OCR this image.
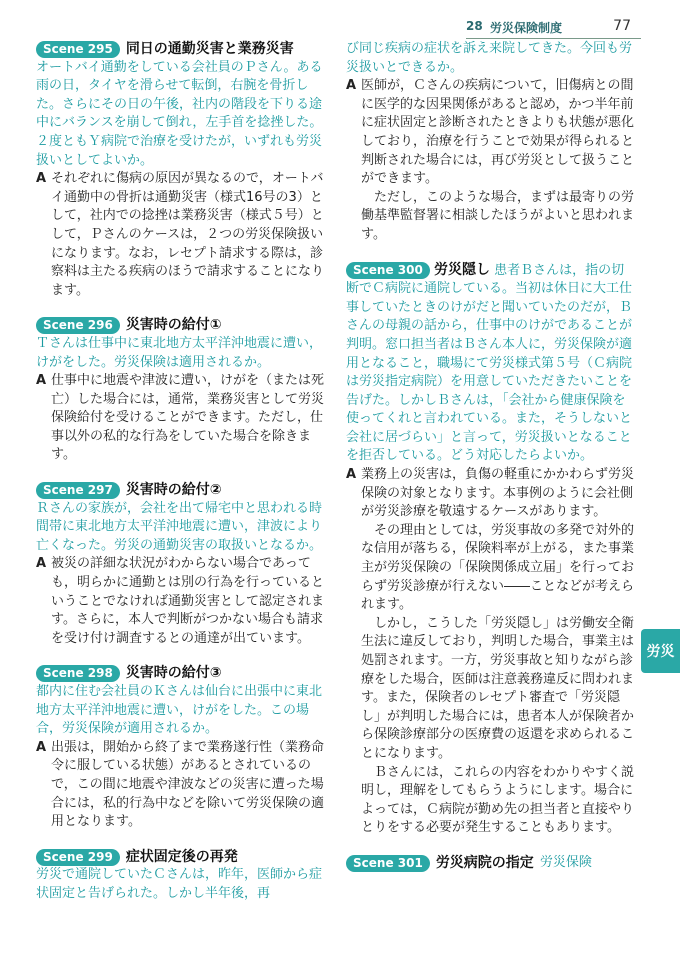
28 労災保険制度	77
Scene 295 同日の通勤災害と業務災害

オートバイ通勤をしている会社員のＰさん。ある雨の日，タイヤを滑らせて転倒，右腕を骨折した。さらにその日の午後，社内の階段を下りる途中にバランスを崩して倒れ，左手首を捻挫した。２度ともＹ病院で治療を受けたが，いずれも労災扱いとしてよいか。

A それぞれに傷病の原因が異なるので，オートバイ通勤中の骨折は通勤災害（様式16号の3）として，社内での捻挫は業務災害（様式５号）として，Ｐさんのケースは，２つの労災保険扱いになります。なお，レセプト請求する際は，診察料は主たる疾病のほうで請求することになります。
Scene 296 災害時の給付①

Ｔさんは仕事中に東北地方太平洋沖地震に遭い，けがをした。労災保険は適用されるか。

A 仕事中に地震や津波に遭い，けがを（または死亡）した場合には，通常，業務災害として労災保険給付を受けることができます。ただし，仕事以外の私的な行為をしていた場合を除きます。
Scene 297 災害時の給付②

Ｒさんの家族が，会社を出て帰宅中と思われる時間帯に東北地方太平洋沖地震に遭い，津波により亡くなった。労災の通勤災害の取扱いとなるか。

A 被災の詳細な状況がわからない場合であっても，明らかに通勤とは別の行為を行っているということでなければ通勤災害として認定されます。さらに，本人で判断がつかない場合も請求を受け付け調査するとの通達が出ています。
Scene 298 災害時の給付③

都内に住む会社員のＫさんは仙台に出張中に東北地方太平洋沖地震に遭い，けがをした。この場合，労災保険が適用されるか。

A 出張は，開始から終了まで業務遂行性（業務命令に服している状態）があるとされているので，この間に地震や津波などの災害に遭った場合には，私的行為中などを除いて労災保険の適用となります。
Scene 299 症状固定後の再発

労災で通院していたＣさんは，昨年，医師から症状固定と告げられた。しかし半年後，再

び同じ疾病の症状を訴え来院してきた。今回も労災扱いとできるか。

A 医師が，Ｃさんの疾病について，旧傷病との間に医学的な因果関係があると認め，かつ半年前に症状固定と診断されたときよりも状態が悪化しており，治療を行うことで効果が得られると判断された場合には，再び労災として扱うことができます。

ただし，このような場合，まずは最寄りの労働基準監督署に相談したほうがよいと思われます。
Scene 300 労災隠し 患者Ｂさんは，指の切断でＣ病院に通院している。当初は休日に大工仕事していたときのけがだと聞いていたのだが，Ｂさんの母親の話から，仕事中のけがであることが判明。窓口担当者はＢさん本人に，労災保険が適用となること，職場にて労災様式第５号（Ｃ病院は労災指定病院）を用意していただきたいことを告げた。しかしＢさんは，「会社から健康保険を使ってくれと言われている。また，そうしないと会社に居づらい」と言って，労災扱いとなることを拒否している。どう対応したらよいか。
A 業務上の災害は，負傷の軽重にかかわらず労災保険の対象となります。本事例のように会社側が労災診療を敬遠するケースがあります。
その理由としては，労災事故の多発で対外的な信用が落ちる，保険料率が上がる，また事業主が労災保険の「保険関係成立届」を行っておらず労災診療が行えない――ことなどが考えられます。
しかし，こうした「労災隠し」は労働安全衛生法に違反しており，判明した場合，事業主は処罰されます。一方，労災事故と知りながら診療をした場合，医師は注意義務違反に問われます。また，保険者のレセプト審査で「労災隠し」が判明した場合には，患者本人が保険者から保険診療部分の医療費の返還を求められることになります。
Ｂさんには，これらの内容をわかりやすく説明し，理解をしてもらうようにします。場合によっては，Ｃ病院が勤め先の担当者と直接やりとりをする必要が発生することもあります。
Scene 301 労災病院の指定 労災保険
労災
